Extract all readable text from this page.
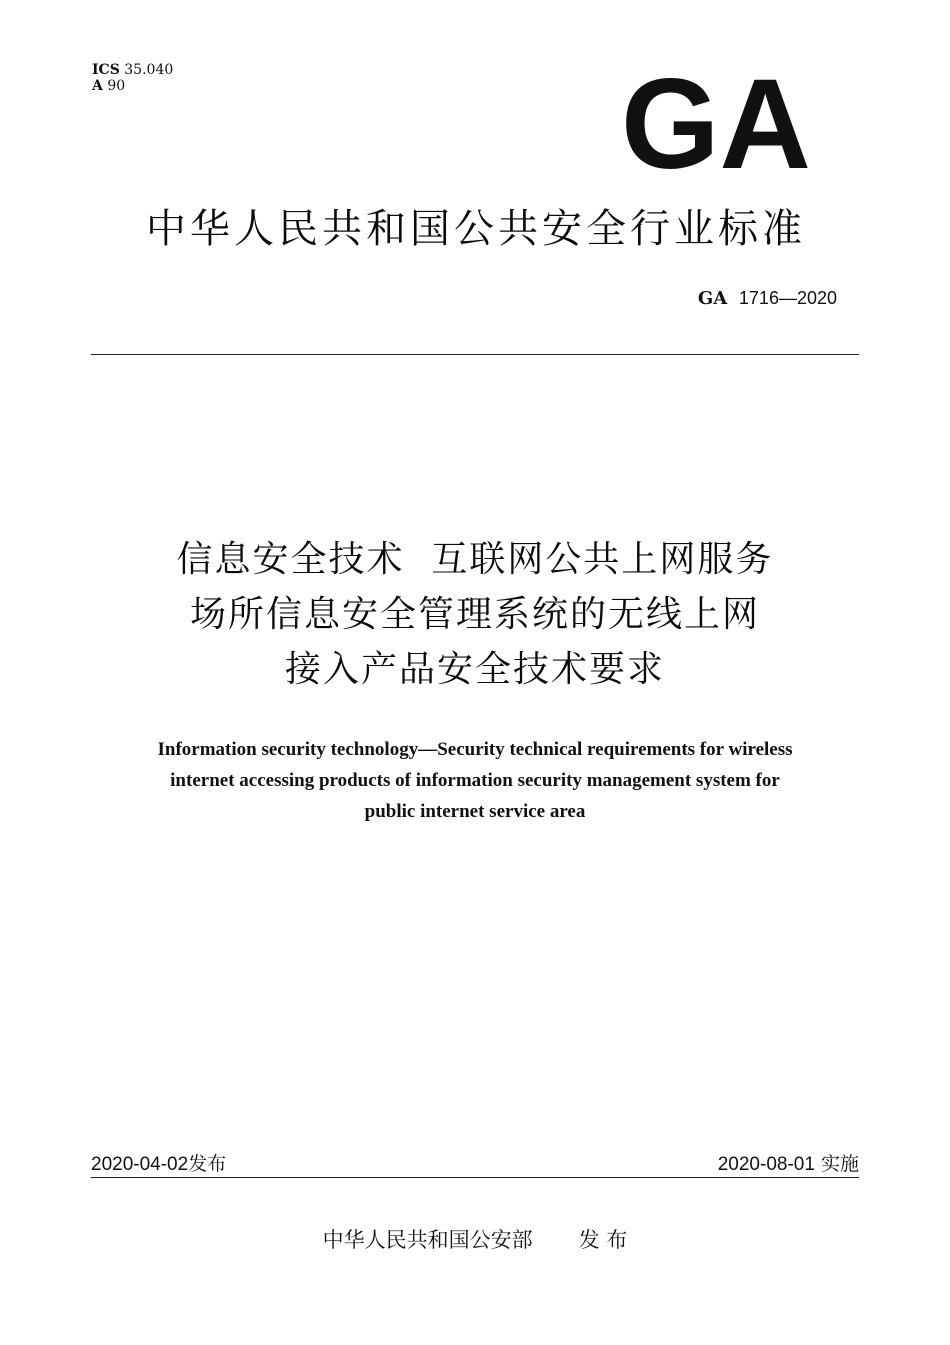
ICS 35.040
A 90	GA
中华人民共和国公共安全行业标准
GA 1716—2020
信息安全技术  互联网公共上网服务
场所信息安全管理系统的无线上网
接入产品安全技术要求
Information security technology—Security technical requirements for wireless
internet accessing products of information security management system for
public internet service area
2020-04-02发布	2020-08-01 实施
中华人民共和国公安部 发 布
